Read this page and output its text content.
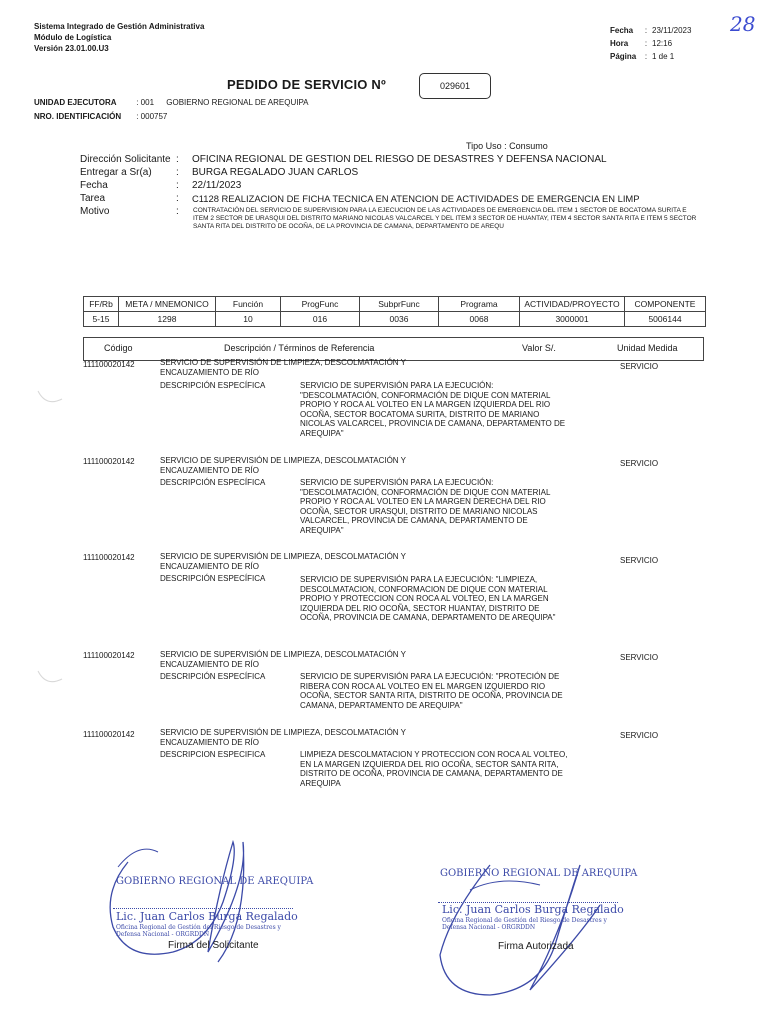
Sistema Integrado de Gestión Administrativa
Módulo de Logística
Versión 23.01.00.U3
Fecha	: 23/11/2023
Hora	: 12:16
Página	: 1 de 1
28
PEDIDO DE SERVICIO Nº	029601
UNIDAD EJECUTORA : 001 GOBIERNO REGIONAL DE AREQUIPA
NRO. IDENTIFICACIÓN : 000757
Tipo Uso : Consumo
Dirección Solicitante :	OFICINA REGIONAL DE GESTION DEL RIESGO DE DESASTRES Y DEFENSA NACIONAL
Entregar a Sr(a)	:	BURGA REGALADO JUAN CARLOS
Fecha	:	22/11/2023
Tarea	:	C1128 REALIZACION DE FICHA TECNICA EN ATENCION DE ACTIVIDADES DE EMERGENCIA EN LIMP
Motivo	:	CONTRATACIÓN DEL SERVICIO DE SUPERVISION PARA LA EJECUCION DE LAS ACTIVIDADES DE EMERGENCIA DEL ITEM 1 SECTOR DE BOCATOMA SURITA E ITEM 2 SECTOR DE URASQUI DEL DISTRITO MARIANO NICOLAS VALCARCEL Y DEL ITEM 3 SECTOR DE HUANTAY, ITEM 4 SECTOR SANTA RITA E ITEM 5 SECTOR SANTA RITA DEL DISTRITO DE OCOÑA, DE LA PROVINCIA DE CAMANA, DEPARTAMENTO DE AREQU
FF/Rb	META / MNEMONICO	Función	ProgFunc	SubprFunc	Programa	ACTIVIDAD/PROYECTO	COMPONENTE
5-15	1298	10	016	0036	0068	3000001	5006144
Código	Descripción / Términos de Referencia	Valor S/.	Unidad Medida
111100020142	SERVICIO DE SUPERVISIÓN DE LIMPIEZA, DESCOLMATACIÓN Y ENCAUZAMIENTO DE RÍO
DESCRIPCIÓN ESPECÍFICA	SERVICIO DE SUPERVISIÓN PARA LA EJECUCIÓN: "DESCOLMATACIÓN, CONFORMACIÓN DE DIQUE CON MATERIAL PROPIO Y ROCA AL VOLTEO EN LA MARGEN IZQUIERDA DEL RIO OCOÑA, SECTOR BOCATOMA SURITA, DISTRITO DE MARIANO NICOLAS VALCARCEL, PROVINCIA DE CAMANA, DEPARTAMENTO DE AREQUIPA"
SERVICIO
111100020142	SERVICIO DE SUPERVISIÓN DE LIMPIEZA, DESCOLMATACIÓN Y ENCAUZAMIENTO DE RÍO
DESCRIPCIÓN ESPECÍFICA	SERVICIO DE SUPERVISIÓN PARA LA EJECUCIÓN: "DESCOLMATACIÓN, CONFORMACIÓN DE DIQUE CON MATERIAL PROPIO Y ROCA AL VOLTEO EN LA MARGEN DERECHA DEL RIO OCOÑA, SECTOR URASQUI, DISTRITO DE MARIANO NICOLAS VALCARCEL, PROVINCIA DE CAMANA, DEPARTAMENTO DE AREQUIPA"
SERVICIO
111100020142	SERVICIO DE SUPERVISIÓN DE LIMPIEZA, DESCOLMATACIÓN Y ENCAUZAMIENTO DE RÍO
DESCRIPCIÓN ESPECÍFICA	SERVICIO DE SUPERVISIÓN PARA LA EJECUCIÓN: "LIMPIEZA, DESCOLMATACION, CONFORMACION DE DIQUE CON MATERIAL PROPIO Y PROTECCION CON ROCA AL VOLTEO, EN LA MARGEN IZQUIERDA DEL RIO OCOÑA, SECTOR HUANTAY, DISTRITO DE OCOÑA, PROVINCIA DE CAMANA, DEPARTAMENTO DE AREQUIPA"
SERVICIO
111100020142	SERVICIO DE SUPERVISIÓN DE LIMPIEZA, DESCOLMATACIÓN Y ENCAUZAMIENTO DE RÍO
DESCRIPCIÓN ESPECÍFICA	SERVICIO DE SUPERVISIÓN PARA LA EJECUCIÓN: "PROTECIÓN DE RIBERA CON ROCA AL VOLTEO EN EL MARGEN IZQUIERDO RIO OCOÑA, SECTOR SANTA RITA, DISTRITO DE OCOÑA, PROVINCIA DE CAMANA, DEPARTAMENTO DE AREQUIPA"
SERVICIO
111100020142	SERVICIO DE SUPERVISIÓN DE LIMPIEZA, DESCOLMATACIÓN Y ENCAUZAMIENTO DE RÍO
DESCRIPCION ESPECIFICA	LIMPIEZA DESCOLMATACION Y PROTECCION CON ROCA AL VOLTEO, EN LA MARGEN IZQUIERDA DEL RIO OCOÑA, SECTOR SANTA RITA, DISTRITO DE OCOÑA, PROVINCIA DE CAMANA, DEPARTAMENTO DE AREQUIPA
SERVICIO
GOBIERNO REGIONAL DE AREQUIPA
Lic. Juan Carlos Burga Regalado
Oficina Regional de Gestión del Riesgo de Desastres y Defensa Nacional - ORGRDDN
Firma del Solicitante
GOBIERNO REGIONAL DE AREQUIPA
Lic. Juan Carlos Burga Regalado
Oficina Regional de Gestión del Riesgo de Desastres y Defensa Nacional - ORGRDDN
Firma Autorizada
